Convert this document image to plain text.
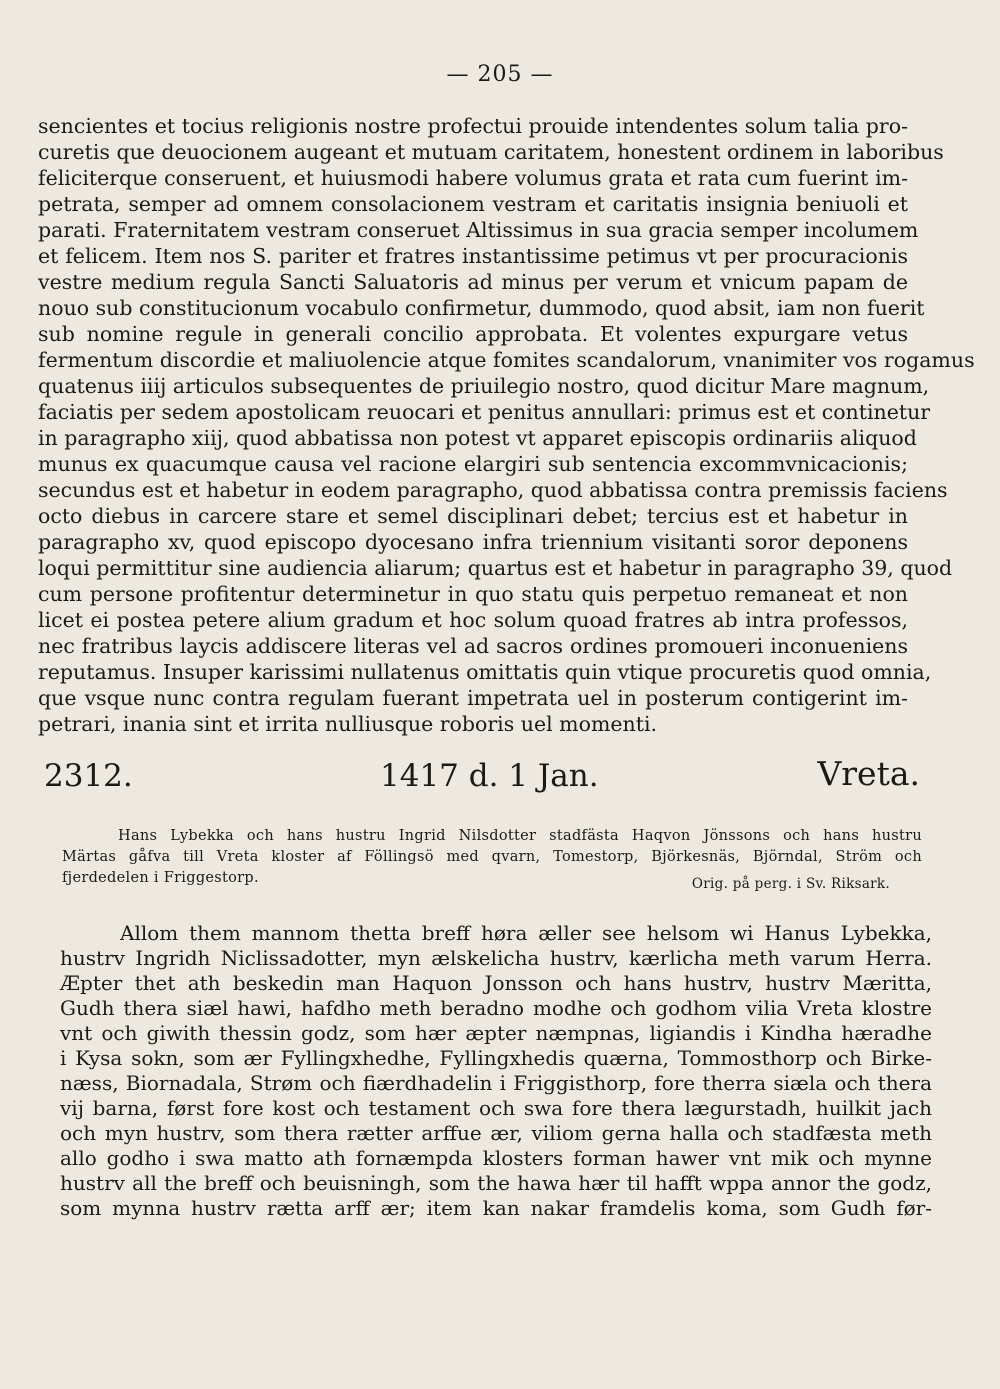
— 205 —
sencientes et tocius religionis nostre profectui prouide intendentes solum talia pro-
curetis que deuocionem augeant et mutuam caritatem, honestent ordinem in laboribus
feliciterque conseruent, et huiusmodi habere volumus grata et rata cum fuerint im-
petrata, semper ad omnem consolacionem vestram et caritatis insignia beniuoli et
parati. Fraternitatem vestram conseruet Altissimus in sua gracia semper incolumem
et felicem. Item nos S. pariter et fratres instantissime petimus vt per procuracionis
vestre medium regula Sancti Saluatoris ad minus per verum et vnicum papam de
nouo sub constitucionum vocabulo confirmetur, dummodo, quod absit, iam non fuerit
sub nomine regule in generali concilio approbata. Et volentes expurgare vetus
fermentum discordie et maliuolencie atque fomites scandalorum, vnanimiter vos rogamus
quatenus iiij articulos subsequentes de priuilegio nostro, quod dicitur Mare magnum,
faciatis per sedem apostolicam reuocari et penitus annullari: primus est et continetur
in paragrapho xiij, quod abbatissa non potest vt apparet episcopis ordinariis aliquod
munus ex quacumque causa vel racione elargiri sub sentencia excommvnicacionis;
secundus est et habetur in eodem paragrapho, quod abbatissa contra premissis faciens
octo diebus in carcere stare et semel disciplinari debet; tercius est et habetur in
paragrapho xv, quod episcopo dyocesano infra triennium visitanti soror deponens
loqui permittitur sine audiencia aliarum; quartus est et habetur in paragrapho 39, quod
cum persone profitentur determinetur in quo statu quis perpetuo remaneat et non
licet ei postea petere alium gradum et hoc solum quoad fratres ab intra professos,
nec fratribus laycis addiscere literas vel ad sacros ordines promoueri inconueniens
reputamus. Insuper karissimi nullatenus omittatis quin vtique procuretis quod omnia,
que vsque nunc contra regulam fuerant impetrata uel in posterum contigerint im-
petrari, inania sint et irrita nulliusque roboris uel momenti.
2312.	1417 d. 1 Jan.	Vreta.
Hans Lybekka och hans hustru Ingrid Nilsdotter stadfästa Haqvon Jönssons och hans hustru
Märtas gåfva till Vreta kloster af Föllingsö med qvarn, Tomestorp, Björkesnäs, Björndal, Ström och
fjerdedelen i Friggestorp.	Orig. på perg. i Sv. Riksark.
Allom them mannom thetta breff høra æller see helsom wi Hanus Lybekka,
hustrv Ingridh Niclissadotter, myn ælskelicha hustrv, kærlicha meth varum Herra.
Æpter thet ath beskedin man Haquon Jonsson och hans hustrv, hustrv Mæritta,
Gudh thera siæl hawi, hafdho meth beradno modhe och godhom vilia Vreta klostre
vnt och giwith thessin godz, som hær æpter næmpnas, ligiandis i Kindha hæradhe
i Kysa sokn, som ær Fyllingxhedhe, Fyllingxhedis quærna, Tommosthorp och Birke-
næss, Biornadala, Strøm och fiærdhadelin i Friggisthorp, fore therra siæla och thera
vij barna, først fore kost och testament och swa fore thera lægurstadh, huilkit jach
och myn hustrv, som thera rætter arffue ær, viliom gerna halla och stadfæsta meth
allo godho i swa matto ath fornæmpda klosters forman hawer vnt mik och mynne
hustrv all the breff och beuisningh, som the hawa hær til hafft wppa annor the godz,
som mynna hustrv rætta arff ær; item kan nakar framdelis koma, som Gudh før-
